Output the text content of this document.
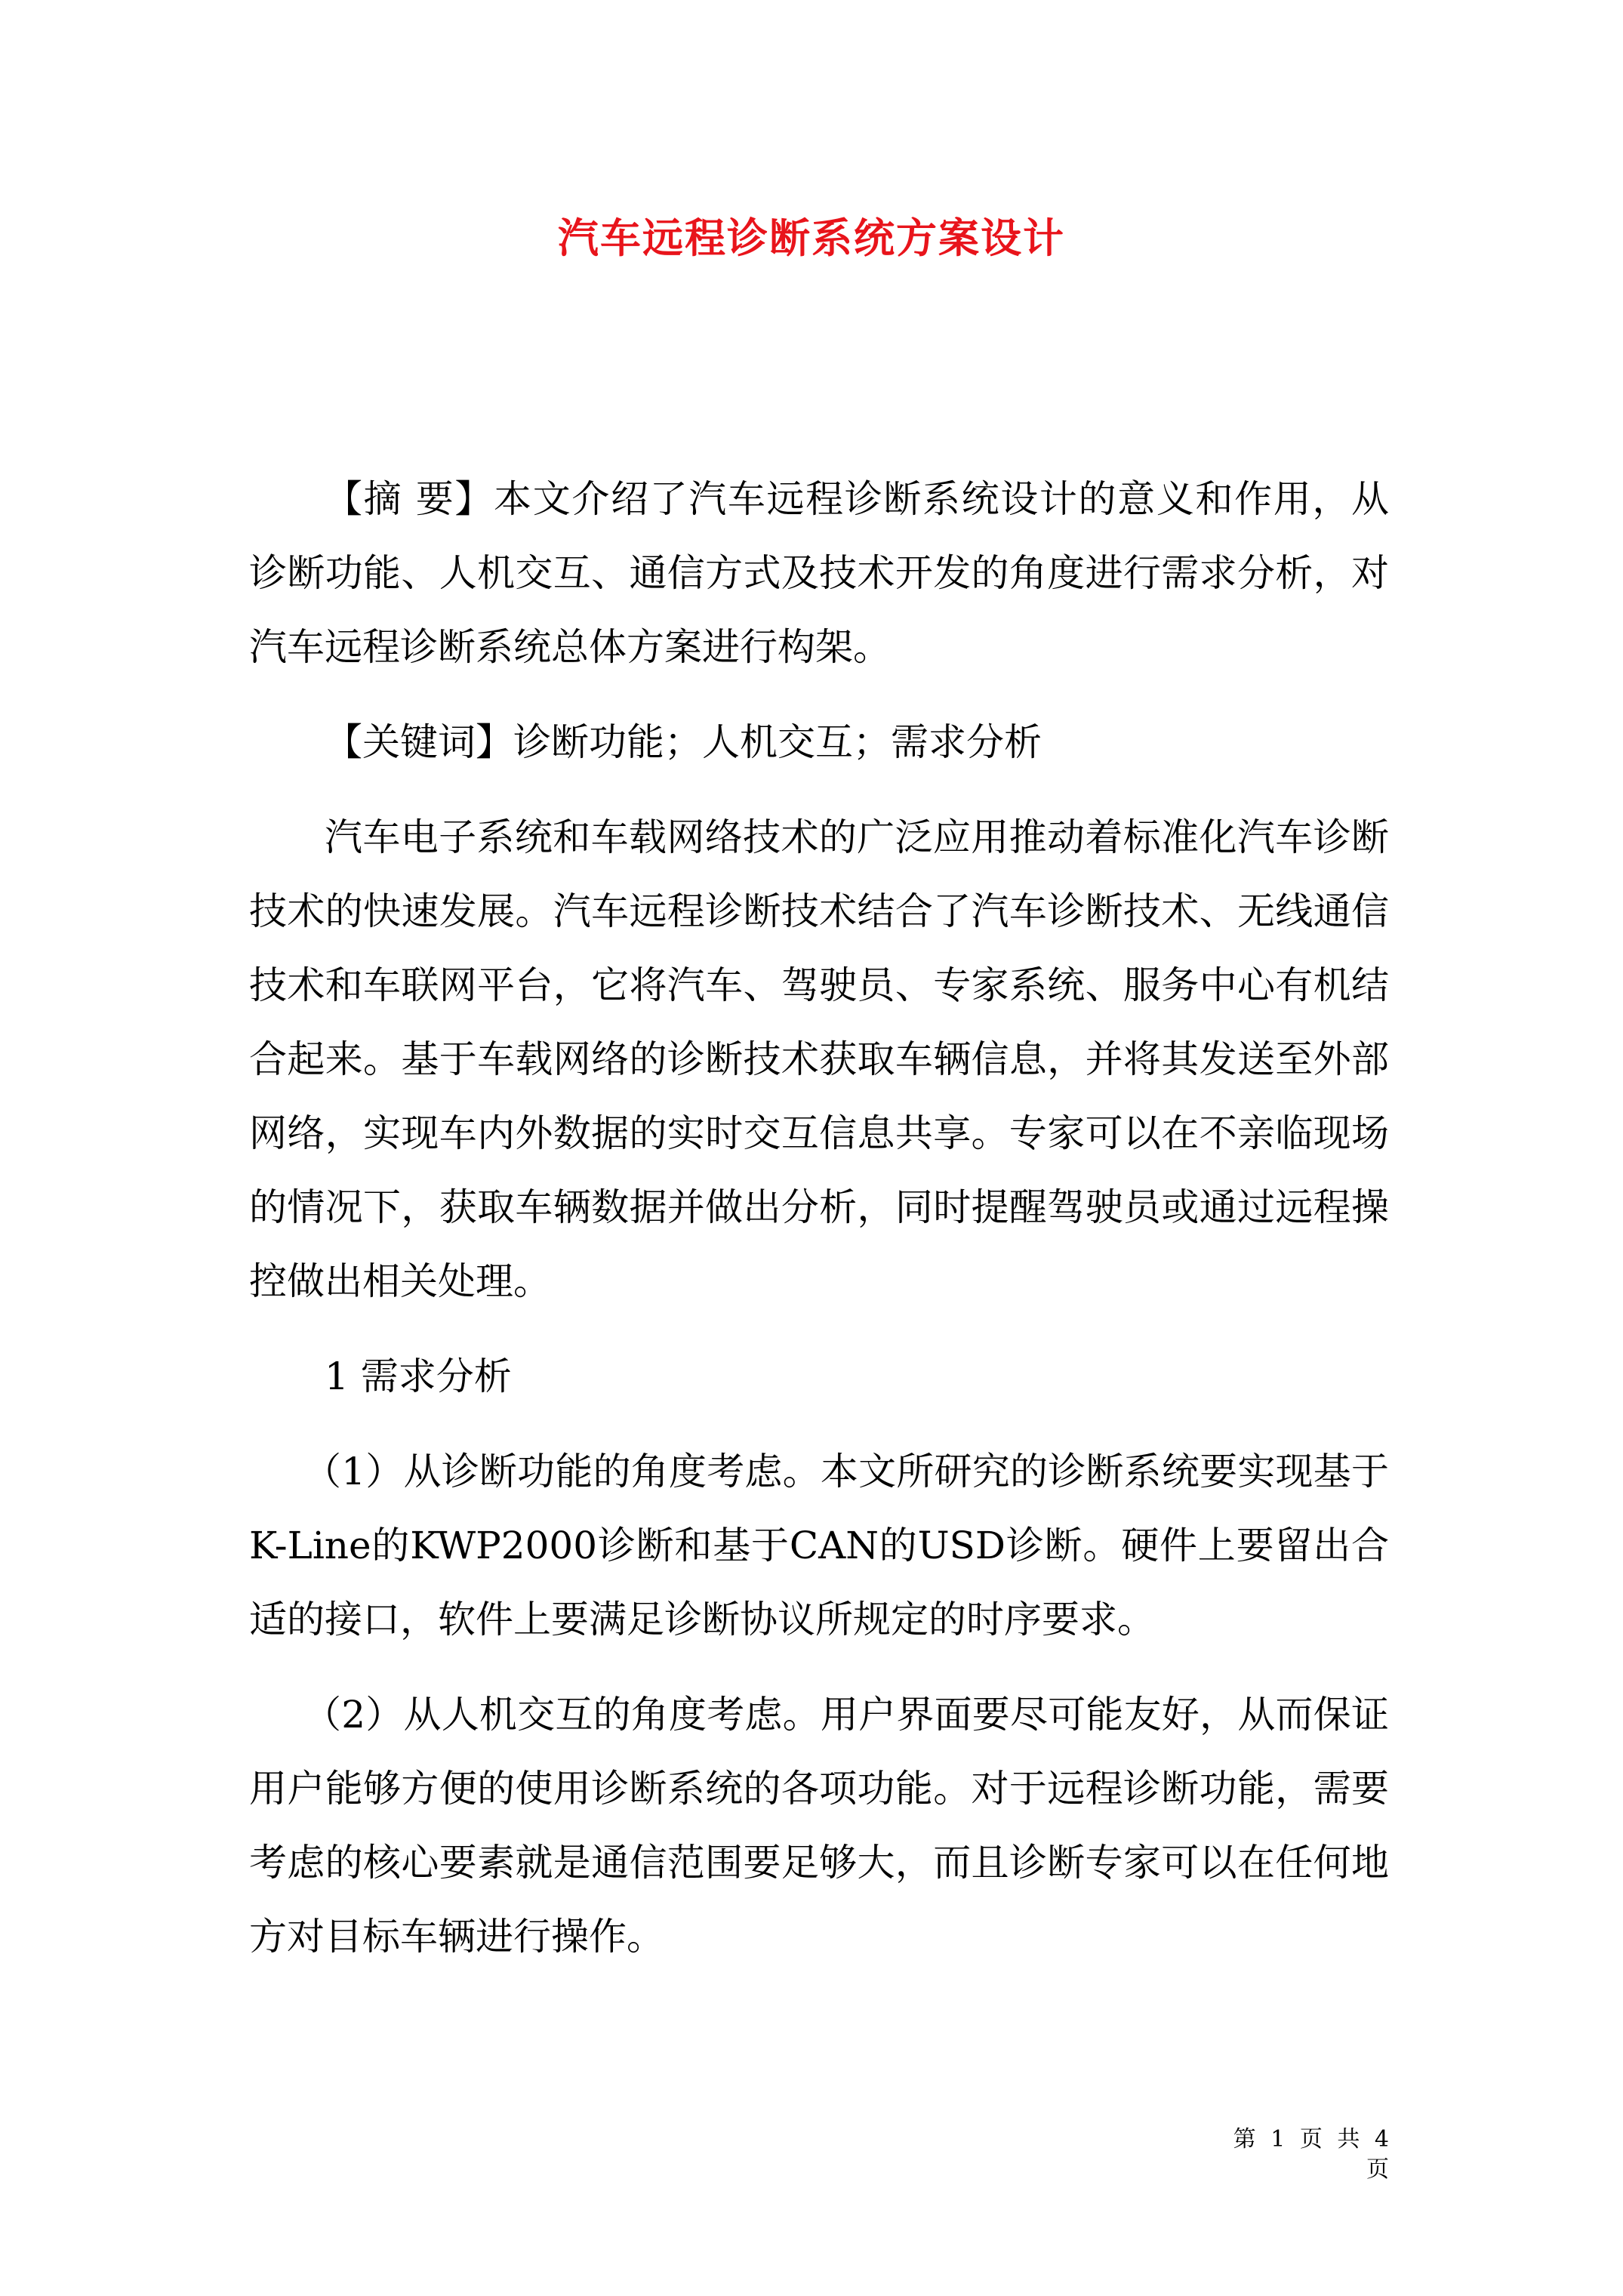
汽车远程诊断系统方案设计

【摘 要】本文介绍了汽车远程诊断系统设计的意义和作用，从诊断功能、人机交互、通信方式及技术开发的角度进行需求分析，对汽车远程诊断系统总体方案进行构架。

【关键词】诊断功能；人机交互；需求分析

汽车电子系统和车载网络技术的广泛应用推动着标准化汽车诊断技术的快速发展。汽车远程诊断技术结合了汽车诊断技术、无线通信技术和车联网平台，它将汽车、驾驶员、专家系统、服务中心有机结合起来。基于车载网络的诊断技术获取车辆信息，并将其发送至外部网络，实现车内外数据的实时交互信息共享。专家可以在不亲临现场的情况下，获取车辆数据并做出分析，同时提醒驾驶员或通过远程操控做出相关处理。

1 需求分析

（1）从诊断功能的角度考虑。本文所研究的诊断系统要实现基于K-Line的KWP2000诊断和基于CAN的USD诊断。硬件上要留出合适的接口，软件上要满足诊断协议所规定的时序要求。

（2）从人机交互的角度考虑。用户界面要尽可能友好，从而保证用户能够方便的使用诊断系统的各项功能。对于远程诊断功能，需要考虑的核心要素就是通信范围要足够大，而且诊断专家可以在任何地方对目标车辆进行操作。

第 1 页 共 4 页
